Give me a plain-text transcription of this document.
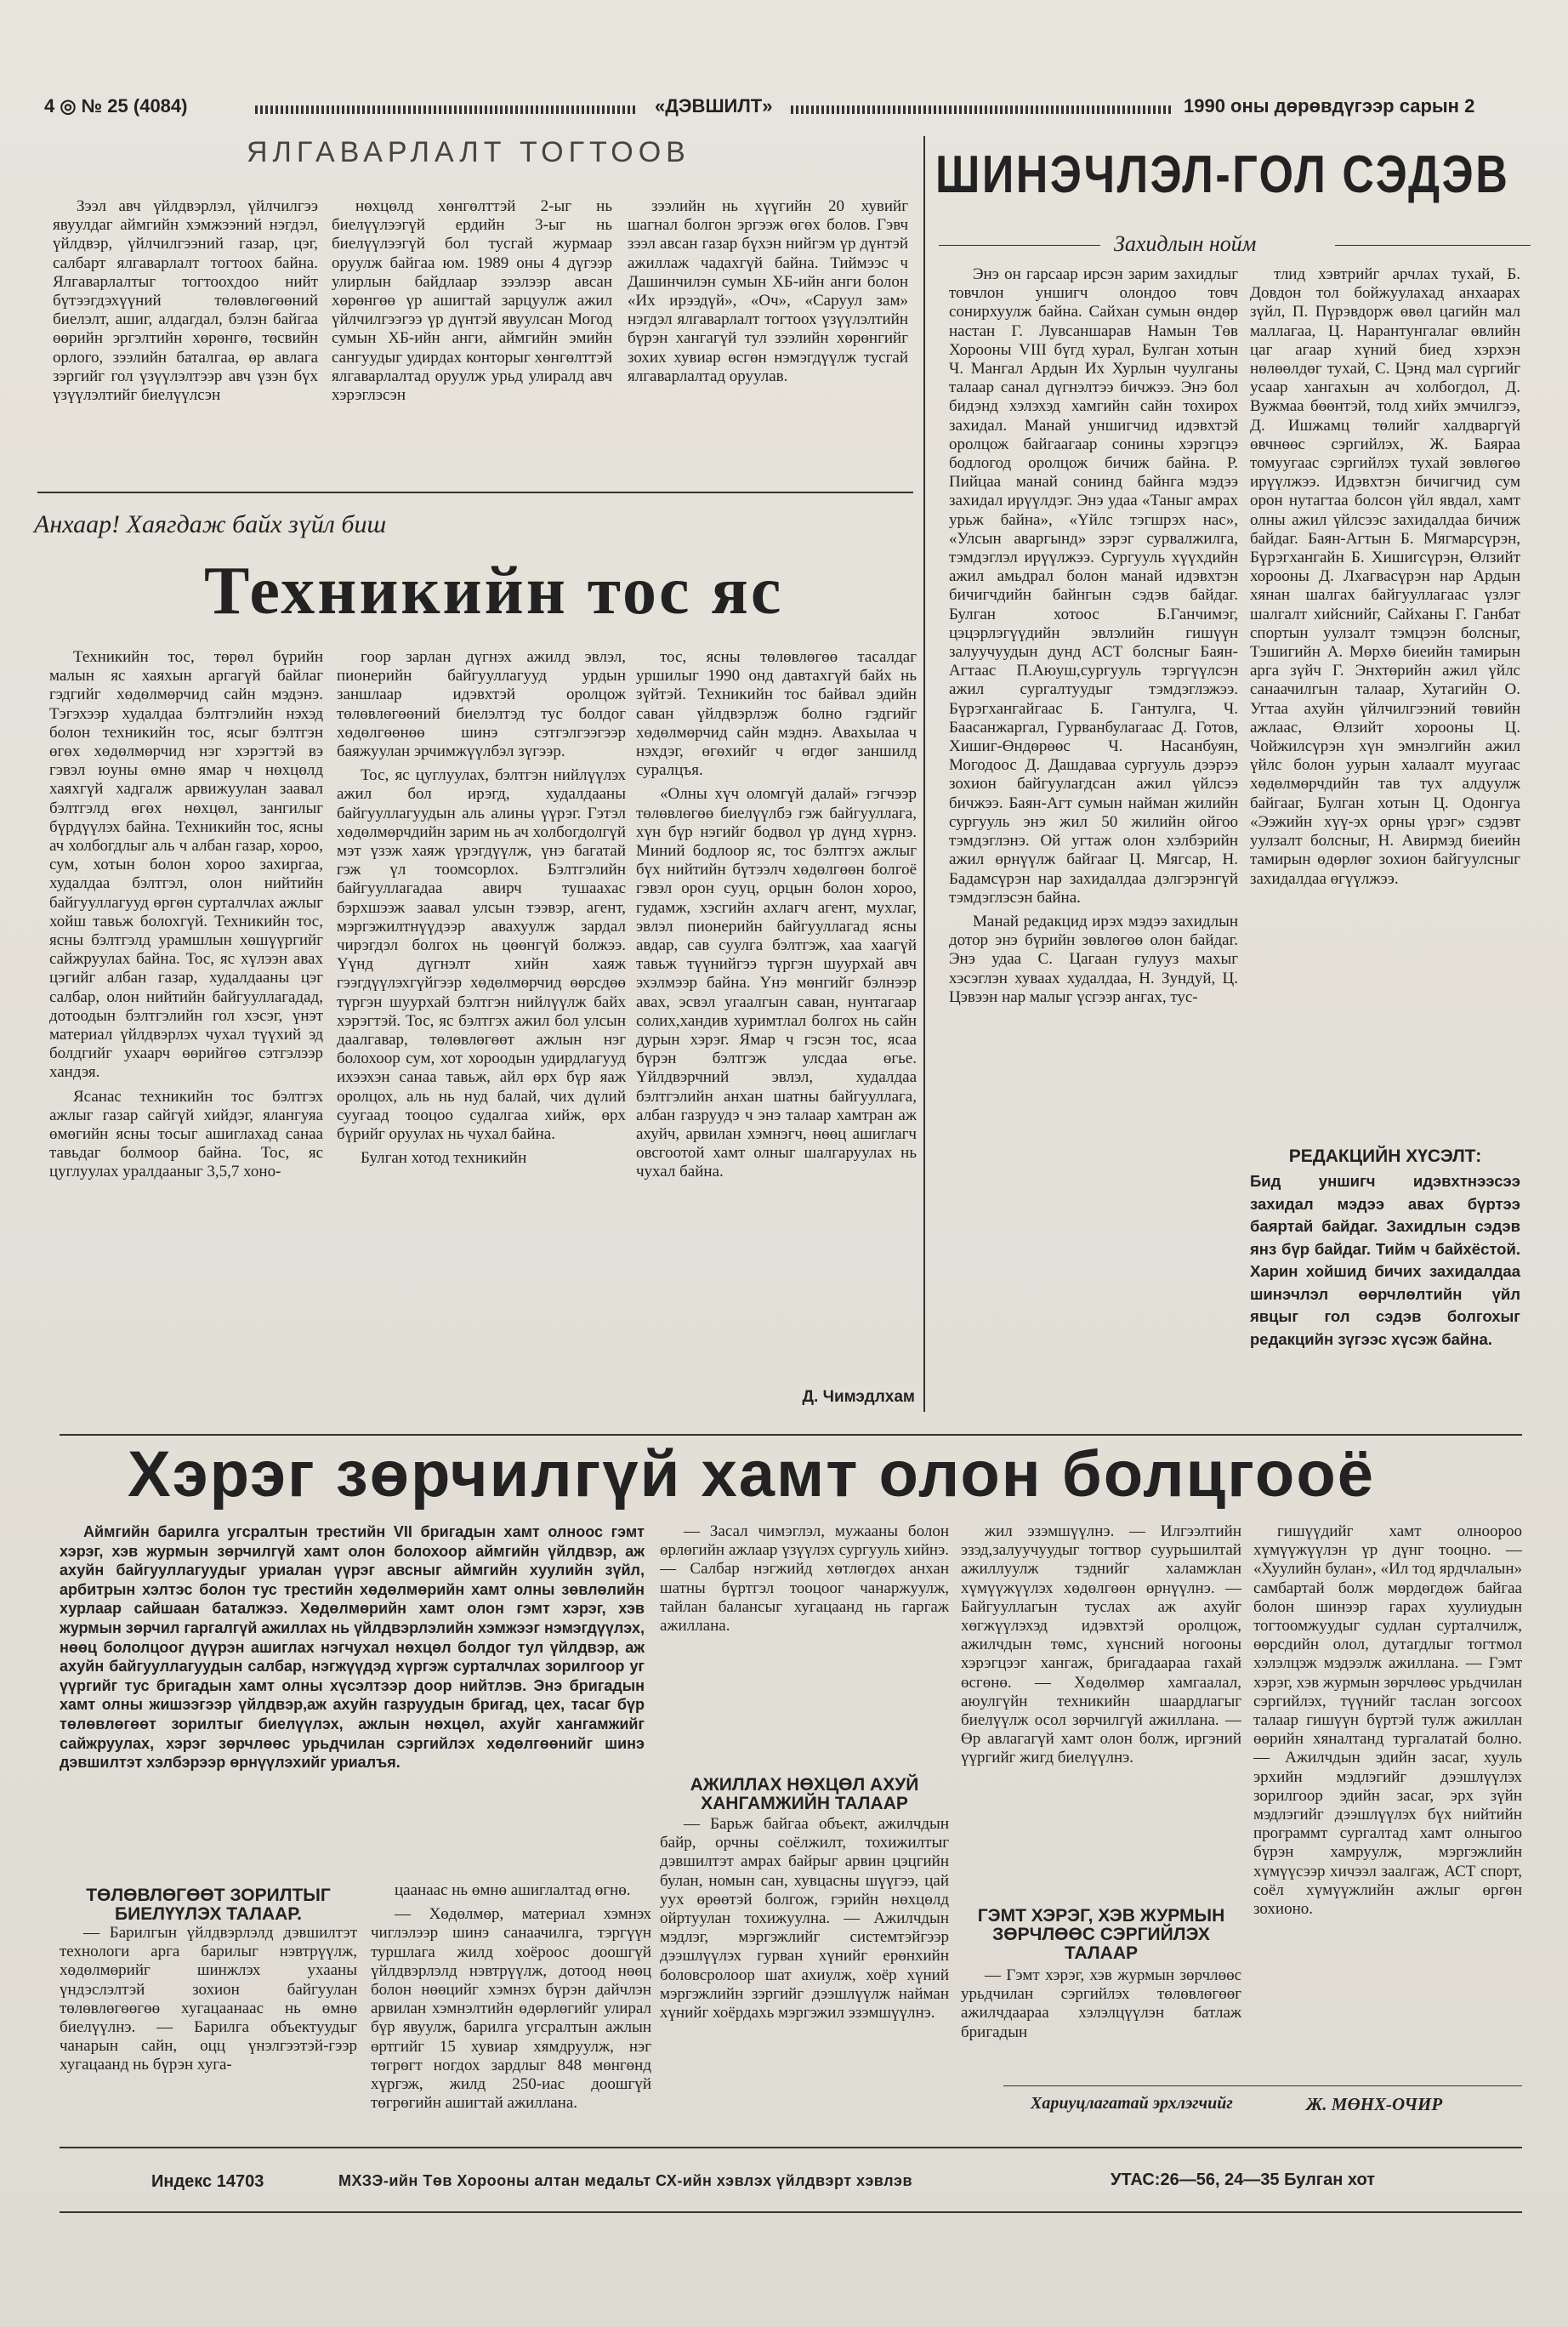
4 ◎ № 25 (4084)	«ДЭВШИЛТ»	1990 оны дөрөвдүгээр сарын 2
ЯЛГАВАРЛАЛТ ТОГТООВ

Зээл авч үйлдвэрлэл, үйлчилгээ явуулдаг аймгийн хэмжээний нэгдэл, үйлдвэр, үйлчилгээний газар, цэг, салбарт ялгаварлалт тогтоох байна. Ялгаварлалтыг тогтоохдоо нийт бүтээгдэхүүний төлөвлөгөөний биелэлт, ашиг, алдагдал, бэлэн байгаа өөрийн эргэлтийн хөрөнгө, төсвийн орлого, зээлийн баталгаа, өр авлага зэргийг гол үзүүлэлтээр авч үзэн бүх үзүүлэлтийг биелүүлсэн

нөхцөлд хөнгөлттэй 2-ыг нь биелүүлээгүй ердийн 3-ыг нь биелүүлээгүй бол тусгай журмаар оруулж байгаа юм. 1989 оны 4 дүгээр улирлын байдлаар зээлээр авсан хөрөнгөө үр ашигтай зарцуулж ажил үйлчилгээгээ үр дүнтэй явуулсан Могод сумын ХБ-ийн анги, аймгийн эмийн сангуудыг удирдах конторыг хөнгөлттэй ялгаварлалтад оруулж урьд улиралд авч хэрэглэсэн

зээлийн нь хүүгийн 20 хувийг шагнал болгон эргээж өгөх болов. Гэвч зээл авсан газар бүхэн нийгэм үр дүнтэй ажиллаж чадахгүй байна. Тиймээс ч Дашинчилэн сумын ХБ-ийн анги болон «Их ирээдүй», «Оч», «Саруул зам» нэгдэл ялгаварлалт тогтоох үзүүлэлтийн бүрэн хангагүй тул зээлийн хөрөнгийг зохих хувиар өсгөн нэмэгдүүлж тусгай ялгаварлалтад оруулав.

Анхаар! Хаягдаж байх зүйл биш
Техникийн тос яс

Техникийн тос, төрөл бүрийн малын яс хаяхын аргагүй байлаг гэдгийг хөдөлмөрчид сайн мэдэнэ. Тэгэхээр худалдаа бэлтгэлийн нэхэд болон техникийн тос, ясыг бэлтгэн өгөх хөдөлмөрчид нэг хэрэгтэй вэ гэвэл юуны өмнө ямар ч нөхцөлд хаяхгүй хадгалж арвижуулан заавал бэлтгэлд өгөх нөхцөл, зангилыг бүрдүүлэх байна. Техникийн тос, ясны ач холбогдлыг аль ч албан газар, хороо, сум, хотын болон хороо захиргаа, худалдаа бэлтгэл, олон нийтийн байгууллагууд өргөн сурталчлах ажлыг хойш тавьж болохгүй. Техникийн тос, ясны бэлтгэлд урамшлын хөшүүргийг сайжруулах байна. Тос, яс хүлээн авах цэгийг албан газар, худалдааны цэг салбар, олон нийтийн байгууллагадад, дотоодын бэлтгэлийн гол хэсэг, үнэт материал үйлдвэрлэх чухал түүхий эд болдгийг ухаарч өөрийгөө сэтгэлээр хандэя.

Ясанас техникийн тос бэлтгэх ажлыг газар сайгүй хийдэг, ялангуяа өмөгийн ясны тосыг ашиглахад санаа тавьдаг болмоор байна. Тос, яс цуглуулах уралдааныг 3,5,7 хоно-

гоор зарлан дүгнэх ажилд эвлэл, пионерийн байгууллагууд урдын заншлаар идэвхтэй оролцож төлөвлөгөөний биелэлтэд тус болдог хөдөлгөөнөө шинэ сэтгэлгээгээр баяжуулан эрчимжүүлбэл зүгээр.

Тос, яс цуглуулах, бэлтгэн нийлүүлэх ажил бол ирэгд, худалдааны байгууллагуудын аль алины үүрэг. Гэтэл хөдөлмөрчдийн зарим нь ач холбогдолгүй мэт үзэж хаяж үрэгдүүлж, үнэ багатай гэж үл тоомсорлох. Бэлтгэлийн байгууллагадаа авирч тушаахас бэрхшээж заавал улсын тээвэр, агент, мэргэжилтнүүдээр авахуулж зардал чирэгдэл болгох нь цөөнгүй болжээ. Үүнд дүгнэлт хийн хаяж гээгдүүлэхгүйгээр хөдөлмөрчид өөрсдөө түргэн шуурхай бэлтгэн нийлүүлж байх хэрэгтэй. Тос, яс бэлтгэх ажил бол улсын даалгавар, төлөвлөгөөт ажлын нэг болохоор сум, хот хороодын удирдлагууд ихээхэн санаа тавьж, айл өрх бүр яаж оролцох, аль нь нуд балай, чих дүлий суугаад тооцоо судалгаа хийж, өрх бүрийг оруулах нь чухал байна.

Булган хотод техникийн

тос, ясны төлөвлөгөө тасалдаг уршилыг 1990 онд давтахгүй байх нь зүйтэй. Техникийн тос байвал эдийн саван үйлдвэрлэж болно гэдгийг хөдөлмөрчид сайн мэднэ. Авахылаа ч нэхдэг, өгөхийг ч өгдөг заншилд суралцъя.

«Олны хүч оломгүй далай» гэгчээр төлөвлөгөө биелүүлбэ гэж байгууллага, хүн бүр нэгийг бодвол үр дүнд хүрнэ. Миний бодлоор яс, тос бэлтгэх ажлыг бүх нийтийн бүтээлч хөдөлгөөн болгоё гэвэл орон сууц, орцын болон хороо, гудамж, хэсгийн ахлагч агент, мухлаг, эвлэл пионерийн байгууллагад ясны авдар, сав суулга бэлтгэж, хаа хаагүй тавьж түүнийгээ түргэн шуурхай авч эхэлмээр байна. Үнэ мөнгийг бэлнээр авах, эсвэл угаалгын саван, нунтагаар солих,хандив хуримтлал болгох нь сайн дурын хэрэг. Ямар ч гэсэн тос, ясаа бүрэн бэлтгэж улсдаа өгье. Үйлдвэрчний эвлэл, худалдаа бэлтгэлийн анхан шатны байгууллага, албан газруудэ ч энэ талаар хамтран аж ахуйч, арвилан хэмнэгч, нөөц ашиглагч овсгоотой хамт олныг шалгаруулах нь чухал байна.

Д. Чимэдлхам
ШИНЭЧЛЭЛ-ГОЛ СЭДЭВ
Захидлын нойм

Энэ он гарсаар ирсэн зарим захидлыг товчлон уншигч олондоо товч сонирхуулж байна. Сайхан сумын өндөр настан Г. Лувсаншарав Намын Төв Хорооны VIII бүгд хурал, Булган хотын Ч. Мангал Ардын Их Хурлын чуулганы талаар санал дүгнэлтээ бичжээ. Энэ бол бидэнд хэлэхэд хамгийн сайн тохирох захидал. Манай уншигчид идэвхтэй оролцож байгаагаар сонины хэрэгцээ бодлогод оролцож бичиж байна. Р. Пийцаа манай сонинд байнга мэдээ захидал ирүүлдэг. Энэ удаа «Таныг амрах урьж байна», «Үйлс тэгшрэх нас», «Улсын аваргынд» зэрэг сурвалжилга, тэмдэглэл ирүүлжээ. Сургууль хүүхдийн ажил амьдрал болон манай идэвхтэн бичигчдийн байнгын сэдэв байдаг. Булган хотоос Б.Ганчимэг, цэцэрлэгүүдийн эвлэлийн гишүүн залуучуудын дунд АСТ болсныг Баян-Агтаас П.Аюуш,сургууль тэргүүлсэн ажил сургалтуудыг тэмдэглэжээ. Бүрэгхангайгаас Б. Гантулга, Ч. Баасанжаргал, Гурванбулагаас Д. Готов, Хишиг-Өндөрөөс Ч. Насанбуян, Могодоос Д. Дашдаваа сургууль дээрээ зохион байгуулагдсан ажил үйлсээ бичжээ. Баян-Агт сумын найман жилийн сургууль энэ жил 50 жилийн ойгоо тэмдэглэнэ. Ой угтаж олон хэлбэрийн ажил өрнүүлж байгааг Ц. Мягсар, Н. Бадамсүрэн нар захидалдаа дэлгэрэнгүй тэмдэглэсэн байна.

Манай редакцид ирэх мэдээ захидлын дотор энэ бүрийн зөвлөгөө олон байдаг. Энэ удаа С. Цагаан гулууз махыг хэсэглэн хуваах худалдаа, Н. Зундуй, Ц. Цэвээн нар малыг үсгээр ангах, тус-

тлид хэвтрийг арчлах тухай, Б. Довдон тол бойжуулахад анхаарах зүйл, П. Пүрэвдорж өвөл цагийн мал маллагаа, Ц. Нарантунгалаг өвлийн цаг агаар хүний биед хэрхэн нөлөөлдөг тухай, С. Цэнд мал сүргийг усаар хангахын ач холбогдол, Д. Вужмаа бөөнтэй, толд хийх эмчилгээ, Д. Ишжамц төлийг халдваргүй өвчнөөс сэргийлэх, Ж. Баяраа томуугаас сэргийлэх тухай зөвлөгөө ирүүлжээ. Идэвхтэн бичигчид сум орон нутагтаа болсон үйл явдал, хамт олны ажил үйлсээс захидалдаа бичиж байдаг. Баян-Агтын Б. Мягмарсүрэн, Бүрэгхангайн Б. Хишигсүрэн, Өлзийт хорооны Д. Лхагвасүрэн нар Ардын хянан шалгах байгууллагаас үзлэг шалгалт хийснийг, Сайханы Г. Ганбат спортын уулзалт тэмцээн болсныг, Тэшигийн А. Мөрхө биеийн тамирын арга зүйч Г. Энхтөрийн ажил үйлс санаачилгын талаар, Хутагийн О. Угтаа ахуйн үйлчилгээний төвийн ажлаас, Өлзийт хорооны Ц. Чойжилсүрэн хүн эмнэлгийн ажил үйлс болон уурын халаалт муугаас хөдөлмөрчдийн тав тух алдуулж байгааг, Булган хотын Ц. Одонгуа «Ээжийн хүү-эх орны үрэг» сэдэвт уулзалт болсныг, Н. Авирмэд биеийн тамирын өдөрлөг зохион байгуулсныг захидалдаа өгүүлжээ.

РЕДАКЦИЙН ХҮСЭЛТ:
Бид уншигч идэвхтнээсээ захидал мэдээ авах бүртээ баяртай байдаг. Захидлын сэдэв янз бүр байдаг. Тийм ч байхёстой. Харин хойшид бичих захидалдаа шинэчлэл өөрчлөлтийн үйл явцыг гол сэдэв болгохыг редакцийн зүгээс хүсэж байна.
Хэрэг зөрчилгүй хамт олон болцгооё

Аймгийн барилга угсралтын трестийн VII бригадын хамт олноос гэмт хэрэг, хэв журмын зөрчилгүй хамт олон болохоор аймгийн үйлдвэр, аж ахуйн байгууллагуудыг уриалан үүрэг авсныг аймгийн хуулийн зүйл, арбитрын хэлтэс болон тус трестийн хөдөлмөрийн хамт олны зөвлөлийн хурлаар сайшаан баталжээ. Хөдөлмөрийн хамт олон гэмт хэрэг, хэв журмын зөрчил гаргалгүй ажиллах нь үйлдвэрлэлийн хэмжээг нэмэгдүүлэх, нөөц бололцоог дүүрэн ашиглах нэгчухал нөхцөл болдог тул үйлдвэр, аж ахуйн байгууллагуудын салбар, нэгжүүдэд хүргэж сурталчлах зорилгоор уг үүргийг тус бригадын хамт олны хүсэлтээр доор нийтлэв. Энэ бригадын хамт олны жишээгээр үйлдвэр,аж ахуйн газруудын бригад, цех, тасаг бүр төлөвлөгөөт зорилтыг биелүүлэх, ажлын нөхцөл, ахуйг хангамжийг сайжруулах, хэрэг зөрчлөөс урьдчилан сэргийлэх хөдөлгөөнийг шинэ дэвшилтэт хэлбэрээр өрнүүлэхийг уриалъя.

ТӨЛӨВЛӨГӨӨТ ЗОРИЛТЫГ БИЕЛҮҮЛЭХ ТАЛААР.

— Барилгын үйлдвэрлэлд дэвшилтэт технологи арга барилыг нэвтрүүлж, хөдөлмөрийг шинжлэх ухааны үндэслэлтэй зохион байгуулан төлөвлөгөөгөө хугацаанаас нь өмнө биелүүлнэ. — Барилга объектуудыг чанарын сайн, оцц үнэлгээтэй-гээр хугацаанд нь бүрэн хуга-

цаанаас нь өмнө ашиглалтад өгнө.

— Хөдөлмөр, материал хэмнэх чиглэлээр шинэ санаачилга, тэргүүн туршлага жилд хоёроос доошгүй үйлдвэрлэлд нэвтрүүлж, дотоод нөөц болон нөөцийг хэмнэх бүрэн дайчлэн арвилан хэмнэлтийн өдөрлөгийг улирал бүр явуулж, барилга угсралтын ажлын өртгийг 15 хувиар хямдруулж, нэг төгрөгт ногдох зардлыг 848 мөнгөнд хүргэж, жилд 250-иас доошгүй төгрөгийн ашигтай ажиллана.

— Засал чимэглэл, мужааны болон өрлөгийн ажлаар үзүүлэх сургууль хийнэ. — Салбар нэгжийд хөтлөгдөх анхан шатны бүртгэл тооцоог чанаржуулж, тайлан балансыг хугацаанд нь гаргаж ажиллана.

АЖИЛЛАХ НӨХЦӨЛ АХУЙ ХАНГАМЖИЙН ТАЛААР

— Барьж байгаа объект, ажилчдын байр, орчны соёлжилт, тохижилтыг дэвшилтэт амрах байрыг арвин цэцгийн булан, номын сан, хувцасны шүүгээ, цай уух өрөөтэй болгож, гэрийн нөхцөлд ойртуулан тохижуулна. — Ажилчдын мэдлэг, мэргэжлийг системтэйгээр дээшлүүлэх гурван хүнийг ерөнхийн боловсролоор шат ахиулж, хоёр хүний мэргэжлийн зэргийг дээшлүүлж найман хүнийг хоёрдахь мэргэжил эзэмшүүлнэ.

жил эзэмшүүлнэ. — Илгээлтийн эзэд,залуучуудыг тогтвор суурьшилтай ажиллуулж тэднийг халамжлан хүмүүжүүлэх хөдөлгөөн өрнүүлнэ. — Байгууллагын туслах аж ахуйг хөгжүүлэхэд идэвхтэй оролцож, ажилчдын төмс, хүнсний ногооны хэрэгцээг хангаж, бригадаараа гахай өсгөнө. — Хөдөлмөр хамгаалал, аюулгүйн техникийн шаардлагыг биелүүлж осол зөрчилгүй ажиллана. — Өр авлагагүй хамт олон болж, иргэний үүргийг жигд биелүүлнэ.

ГЭМТ ХЭРЭГ, ХЭВ ЖУРМЫН ЗӨРЧЛӨӨС СЭРГИЙЛЭХ ТАЛААР

— Гэмт хэрэг, хэв журмын зөрчлөөс урьдчилан сэргийлэх төлөвлөгөөг ажилчдаараа хэлэлцүүлэн батлаж бригадын

гишүүдийг хамт олноороо хүмүүжүүлэн үр дүнг тооцно. — «Хуулийн булан», «Ил тод ярдчлалын» самбартай болж мөрдөгдөж байгаа болон шинээр гарах хуулиудын тогтоомжуудыг судлан сурталчилж, өөрсдийн олол, дутагдлыг тогтмол хэлэлцэж мэдээлж ажиллана. — Гэмт хэрэг, хэв журмын зөрчлөөс урьдчилан сэргийлэх, түүнийг таслан зогсоох талаар гишүүн бүртэй тулж ажиллан өөрийн хяналтанд тургалатай болно. — Ажилчдын эдийн засаг, хууль эрхийн мэдлэгийг дээшлүүлэх зорилгоор эдийн засаг, эрх зүйн мэдлэгийг дээшлүүлэх бүх нийтийн программт сургалтад хамт олныгоо бүрэн хамруулж, мэргэжлийн хүмүүсээр хичээл заалгаж, АСТ спорт, соёл хүмүүжлийн ажлыг өргөн зохионо.

Хариуцлагатай эрхлэгчийг	Ж. МӨНХ-ОЧИР
Индекс 14703	МХЗЭ-ийн Төв Хорооны алтан медальт СХ-ийн хэвлэх үйлдвэрт хэвлэв	УТАС:26—56, 24—35 Булган хот
